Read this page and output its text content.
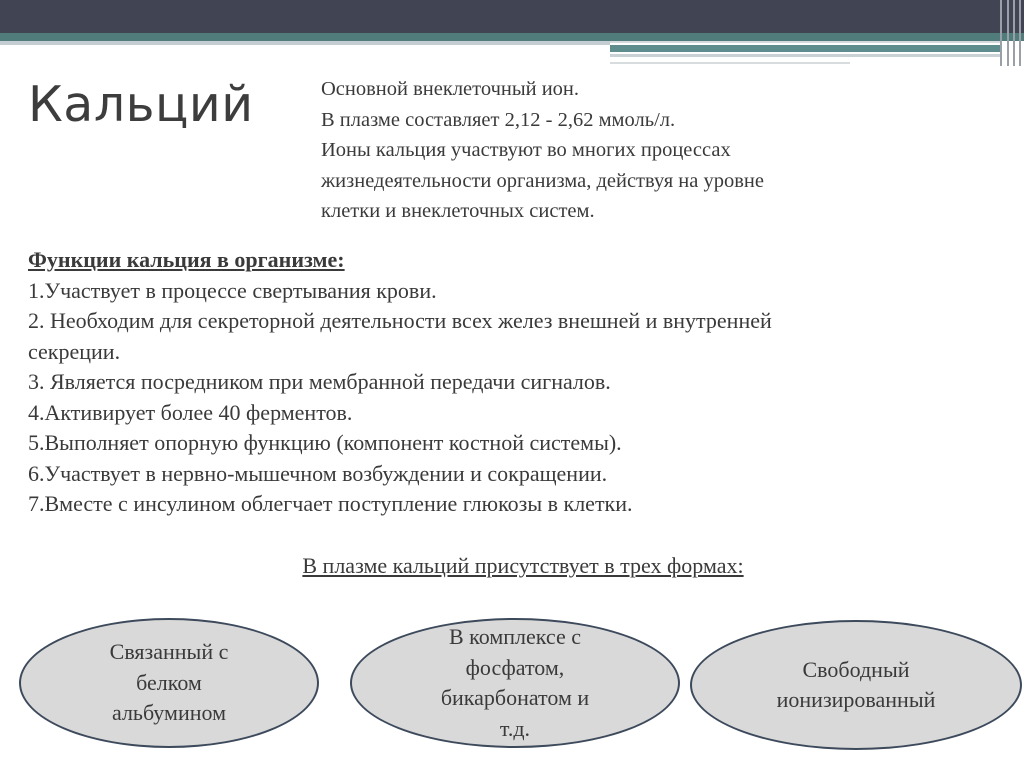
Кальций	Основной внеклеточный ион.
В плазме составляет 2,12 - 2,62 ммоль/л.
Ионы кальция участвуют во многих процессах
жизнедеятельности организма, действуя на уровне
клетки и внеклеточных систем.
Функции кальция в организме:
1.Участвует в процессе свертывания крови.
2. Необходим для секреторной деятельности всех желез внешней и внутренней
секреции.
3. Является посредником при мембранной передачи сигналов.
4.Активирует более 40 ферментов.
5.Выполняет опорную функцию (компонент костной системы).
6.Участвует в нервно-мышечном возбуждении и сокращении.
7.Вместе с инсулином облегчает поступление глюкозы в клетки.
В плазме кальций присутствует в трех формах:
Связанный с
белком
альбумином
В комплексе с
фосфатом,
бикарбонатом и
т.д.
Свободный
ионизированный
